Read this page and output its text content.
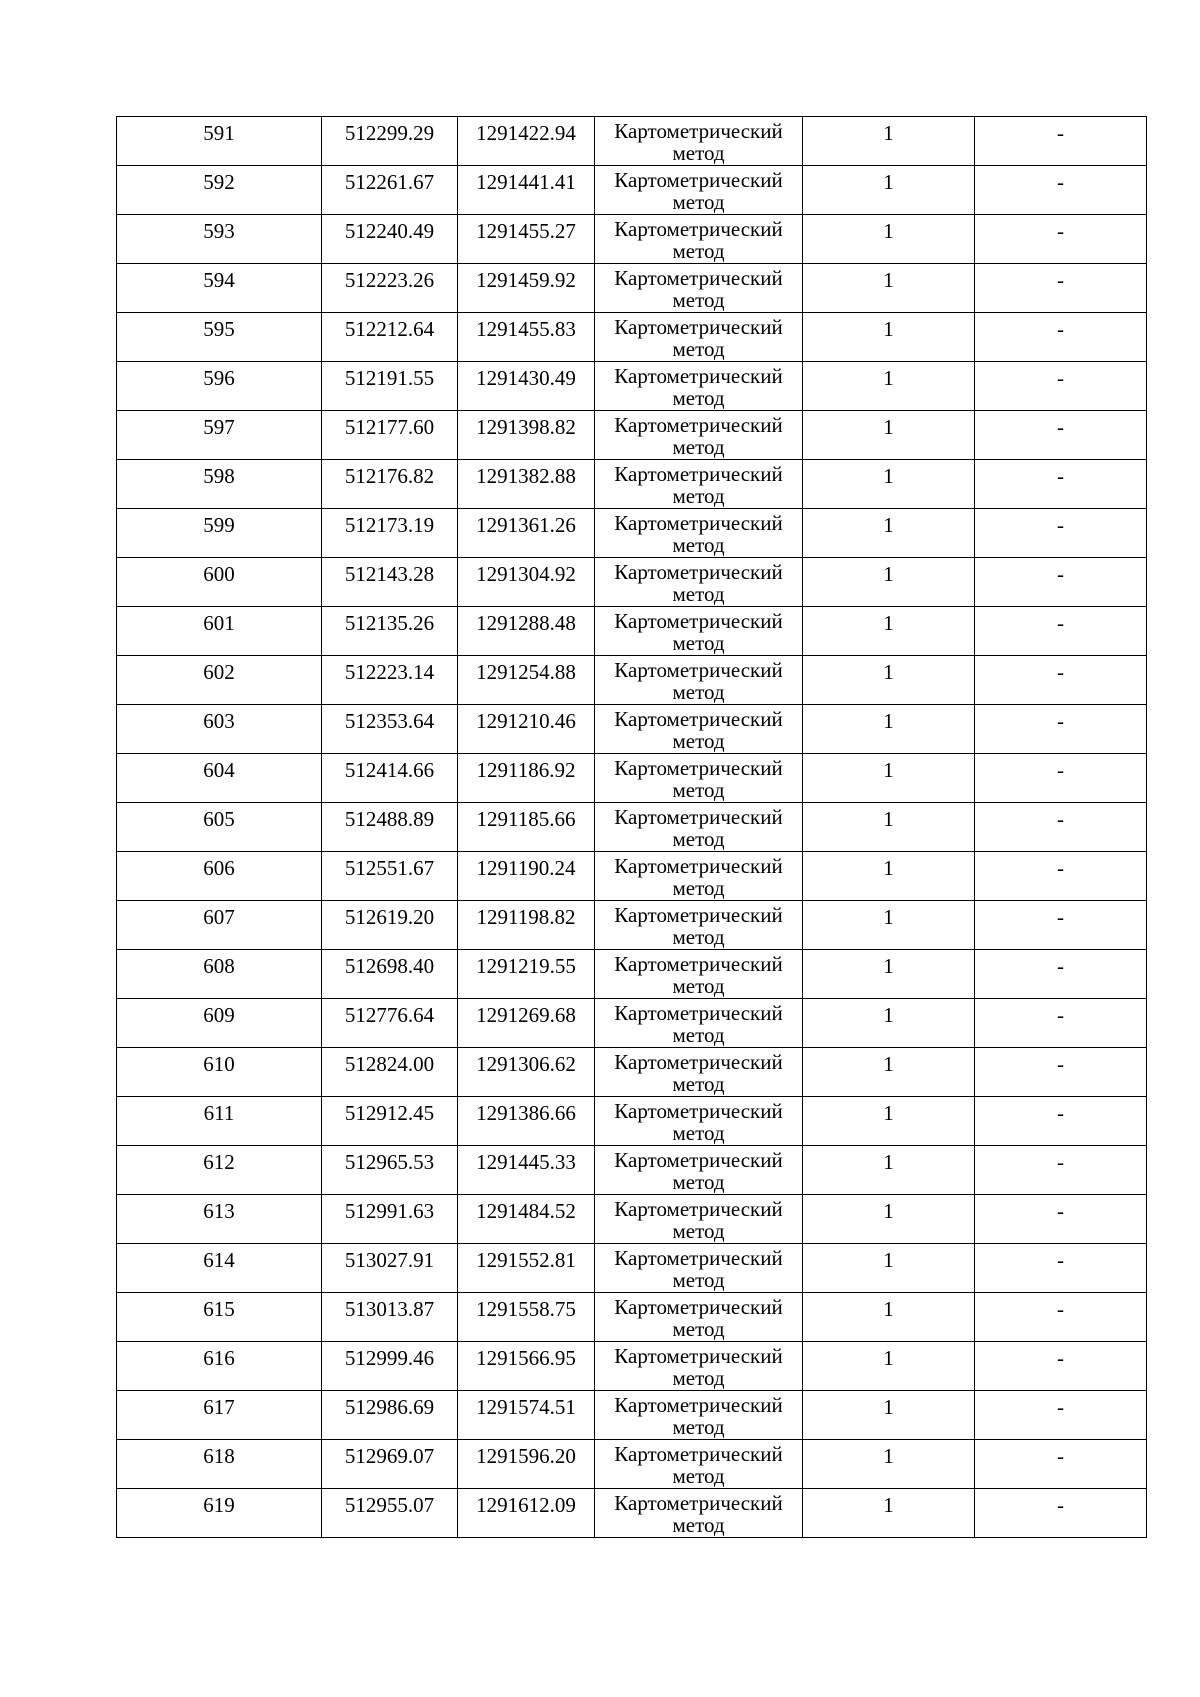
591	512299.29	1291422.94	Картометрический метод	1	-

592	512261.67	1291441.41	Картометрический метод	1	-

593	512240.49	1291455.27	Картометрический метод	1	-

594	512223.26	1291459.92	Картометрический метод	1	-

595	512212.64	1291455.83	Картометрический метод	1	-

596	512191.55	1291430.49	Картометрический метод	1	-

597	512177.60	1291398.82	Картометрический метод	1	-

598	512176.82	1291382.88	Картометрический метод	1	-

599	512173.19	1291361.26	Картометрический метод	1	-

600	512143.28	1291304.92	Картометрический метод	1	-

601	512135.26	1291288.48	Картометрический метод	1	-

602	512223.14	1291254.88	Картометрический метод	1	-

603	512353.64	1291210.46	Картометрический метод	1	-

604	512414.66	1291186.92	Картометрический метод	1	-

605	512488.89	1291185.66	Картометрический метод	1	-

606	512551.67	1291190.24	Картометрический метод	1	-

607	512619.20	1291198.82	Картометрический метод	1	-

608	512698.40	1291219.55	Картометрический метод	1	-

609	512776.64	1291269.68	Картометрический метод	1	-

610	512824.00	1291306.62	Картометрический метод	1	-

611	512912.45	1291386.66	Картометрический метод	1	-

612	512965.53	1291445.33	Картометрический метод	1	-

613	512991.63	1291484.52	Картометрический метод	1	-

614	513027.91	1291552.81	Картометрический метод	1	-

615	513013.87	1291558.75	Картометрический метод	1	-

616	512999.46	1291566.95	Картометрический метод	1	-

617	512986.69	1291574.51	Картометрический метод	1	-

618	512969.07	1291596.20	Картометрический метод	1	-

619	512955.07	1291612.09	Картометрический метод	1	-
